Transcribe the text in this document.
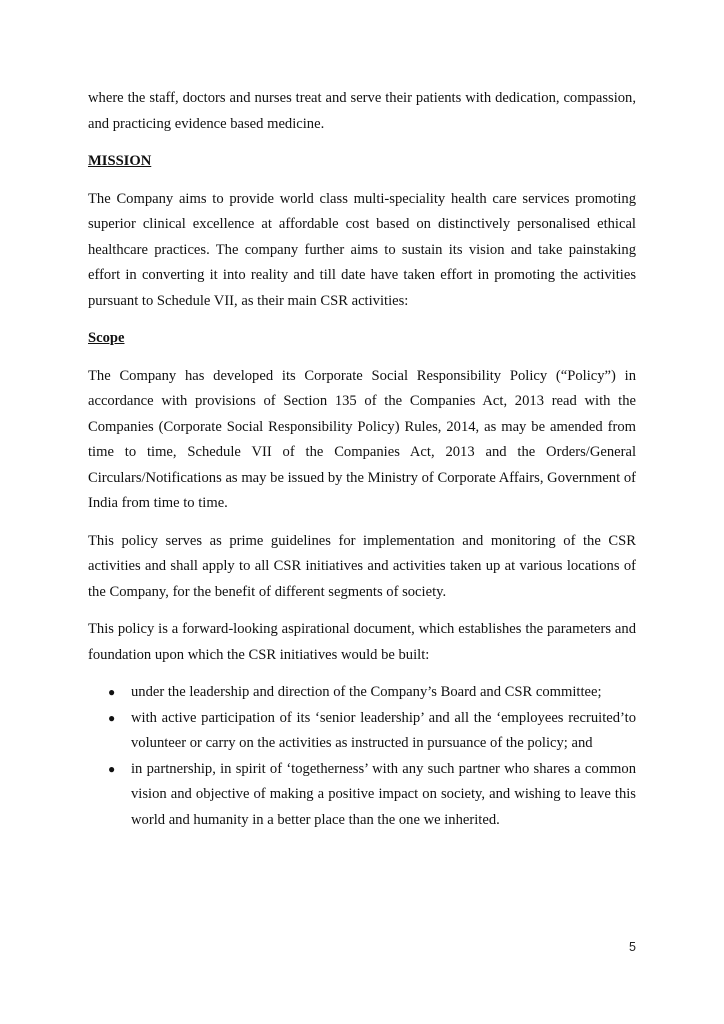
where the staff, doctors and nurses treat and serve their patients with dedication, compassion, and practicing evidence based medicine.

MISSION

The Company aims to provide world class multi-speciality health care services promoting superior clinical excellence at affordable cost based on distinctively personalised ethical healthcare practices. The company further aims to sustain its vision and take painstaking effort in converting it into reality and till date have taken effort in promoting the activities pursuant to Schedule VII, as their main CSR activities:

Scope

The Company has developed its Corporate Social Responsibility Policy (“Policy”) in accordance with provisions of Section 135 of the Companies Act, 2013 read with the Companies (Corporate Social Responsibility Policy) Rules, 2014, as may be amended from time to time, Schedule VII of the Companies Act, 2013 and the Orders/General Circulars/Notifications as may be issued by the Ministry of Corporate Affairs, Government of India from time to time.

This policy serves as prime guidelines for implementation and monitoring of the CSR activities and shall apply to all CSR initiatives and activities taken up at various locations of the Company, for the benefit of different segments of society.

This policy is a forward-looking aspirational document, which establishes the parameters and foundation upon which the CSR initiatives would be built:

● under the leadership and direction of the Company’s Board and CSR committee;
● with active participation of its ‘senior leadership’ and all the ‘employees recruited’to volunteer or carry on the activities as instructed in pursuance of the policy; and
● in partnership, in spirit of ‘togetherness’ with any such partner who shares a common vision and objective of making a positive impact on society, and wishing to leave this world and humanity in a better place than the one we inherited.
5
